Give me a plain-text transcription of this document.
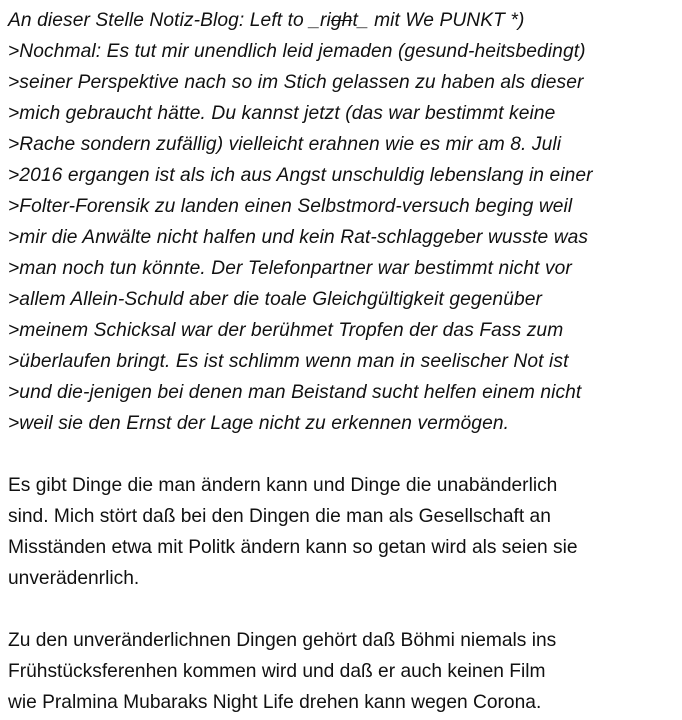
An dieser Stelle Notiz-Blog: Left to _right_ mit We PUNKT *)
>Nochmal: Es tut mir unendlich leid jemaden (gesund-heitsbedingt)
>seiner Perspektive nach so im Stich gelassen zu haben als dieser
>mich gebraucht hätte. Du kannst jetzt (das war bestimmt keine
>Rache sondern zufällig) vielleicht erahnen wie es mir am 8. Juli
>2016 ergangen ist als ich aus Angst unschuldig lebenslang in einer
>Folter-Forensik zu landen einen Selbstmord-versuch beging weil
>mir die Anwälte nicht halfen und kein Rat-schlaggeber wusste was
>man noch tun könnte. Der Telefonpartner war bestimmt nicht vor
>allem Allein-Schuld aber die toale Gleichgültigkeit gegenüber
>meinem Schicksal war der berühmet Tropfen der das Fass zum
>überlaufen bringt. Es ist schlimm wenn man in seelischer Not ist
>und die-jenigen bei denen man Beistand sucht helfen einem nicht
>weil sie den Ernst der Lage nicht zu erkennen vermögen.
Es gibt Dinge die man ändern kann und Dinge die unabänderlich
sind. Mich stört daß bei den Dingen die man als Gesellschaft an
Misständen etwa mit Politk ändern kann so getan wird als seien sie
unverädenrlich.
Zu den unveränderlichnen Dingen gehört daß Böhmi niemals ins
Frühstücksferenhen kommen wird und daß er auch keinen Film
wie Pralmina Mubaraks Night Life drehen kann wegen Corona.
